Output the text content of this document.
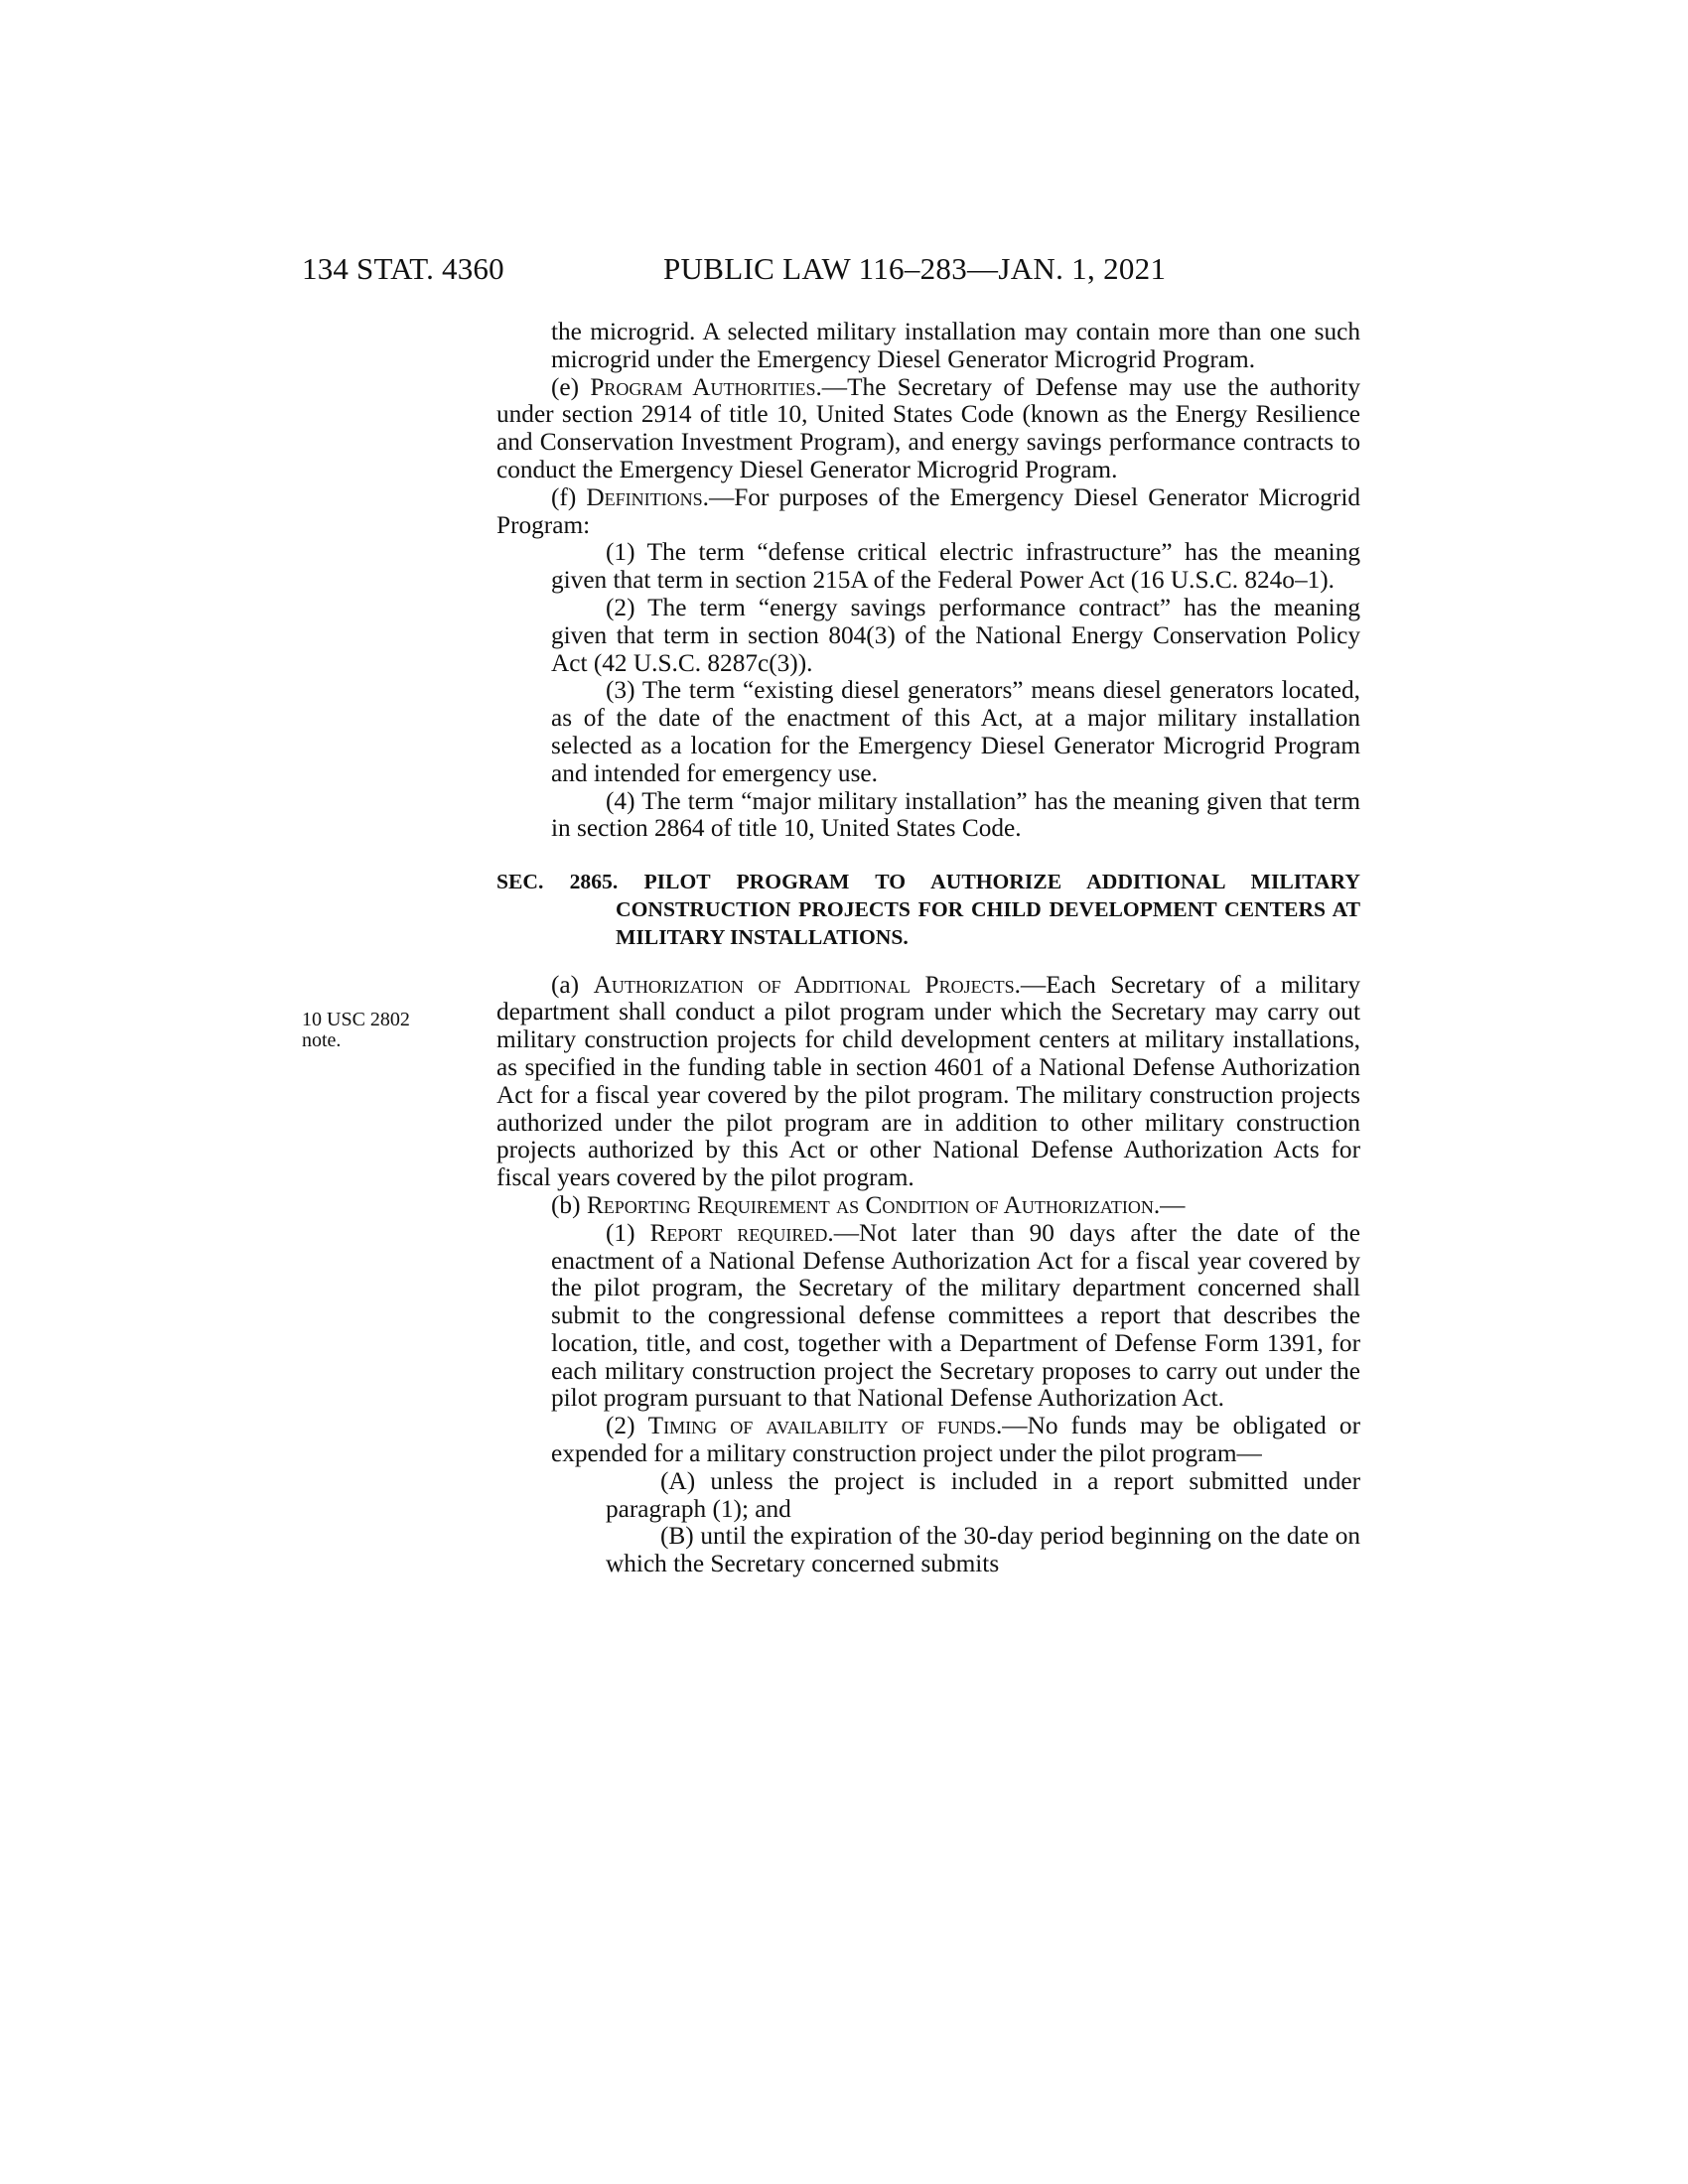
134 STAT. 4360	PUBLIC LAW 116–283—JAN. 1, 2021
10 USC 2802
note.

the microgrid. A selected military installation may contain more than one such microgrid under the Emergency Diesel Generator Microgrid Program.

(e) Program Authorities.—The Secretary of Defense may use the authority under section 2914 of title 10, United States Code (known as the Energy Resilience and Conservation Investment Program), and energy savings performance contracts to conduct the Emergency Diesel Generator Microgrid Program.

(f) Definitions.—For purposes of the Emergency Diesel Generator Microgrid Program:

(1) The term “defense critical electric infrastructure” has the meaning given that term in section 215A of the Federal Power Act (16 U.S.C. 824o–1).

(2) The term “energy savings performance contract” has the meaning given that term in section 804(3) of the National Energy Conservation Policy Act (42 U.S.C. 8287c(3)).

(3) The term “existing diesel generators” means diesel generators located, as of the date of the enactment of this Act, at a major military installation selected as a location for the Emergency Diesel Generator Microgrid Program and intended for emergency use.

(4) The term “major military installation” has the meaning given that term in section 2864 of title 10, United States Code.

SEC. 2865. PILOT PROGRAM TO AUTHORIZE ADDITIONAL MILITARY CONSTRUCTION PROJECTS FOR CHILD DEVELOPMENT CENTERS AT MILITARY INSTALLATIONS.

(a) Authorization of Additional Projects.—Each Secretary of a military department shall conduct a pilot program under which the Secretary may carry out military construction projects for child development centers at military installations, as specified in the funding table in section 4601 of a National Defense Authorization Act for a fiscal year covered by the pilot program. The military construction projects authorized under the pilot program are in addition to other military construction projects authorized by this Act or other National Defense Authorization Acts for fiscal years covered by the pilot program.

(b) Reporting Requirement as Condition of Authorization.—

(1) Report required.—Not later than 90 days after the date of the enactment of a National Defense Authorization Act for a fiscal year covered by the pilot program, the Secretary of the military department concerned shall submit to the congressional defense committees a report that describes the location, title, and cost, together with a Department of Defense Form 1391, for each military construction project the Secretary proposes to carry out under the pilot program pursuant to that National Defense Authorization Act.

(2) Timing of availability of funds.—No funds may be obligated or expended for a military construction project under the pilot program—

(A) unless the project is included in a report submitted under paragraph (1); and

(B) until the expiration of the 30-day period beginning on the date on which the Secretary concerned submits
